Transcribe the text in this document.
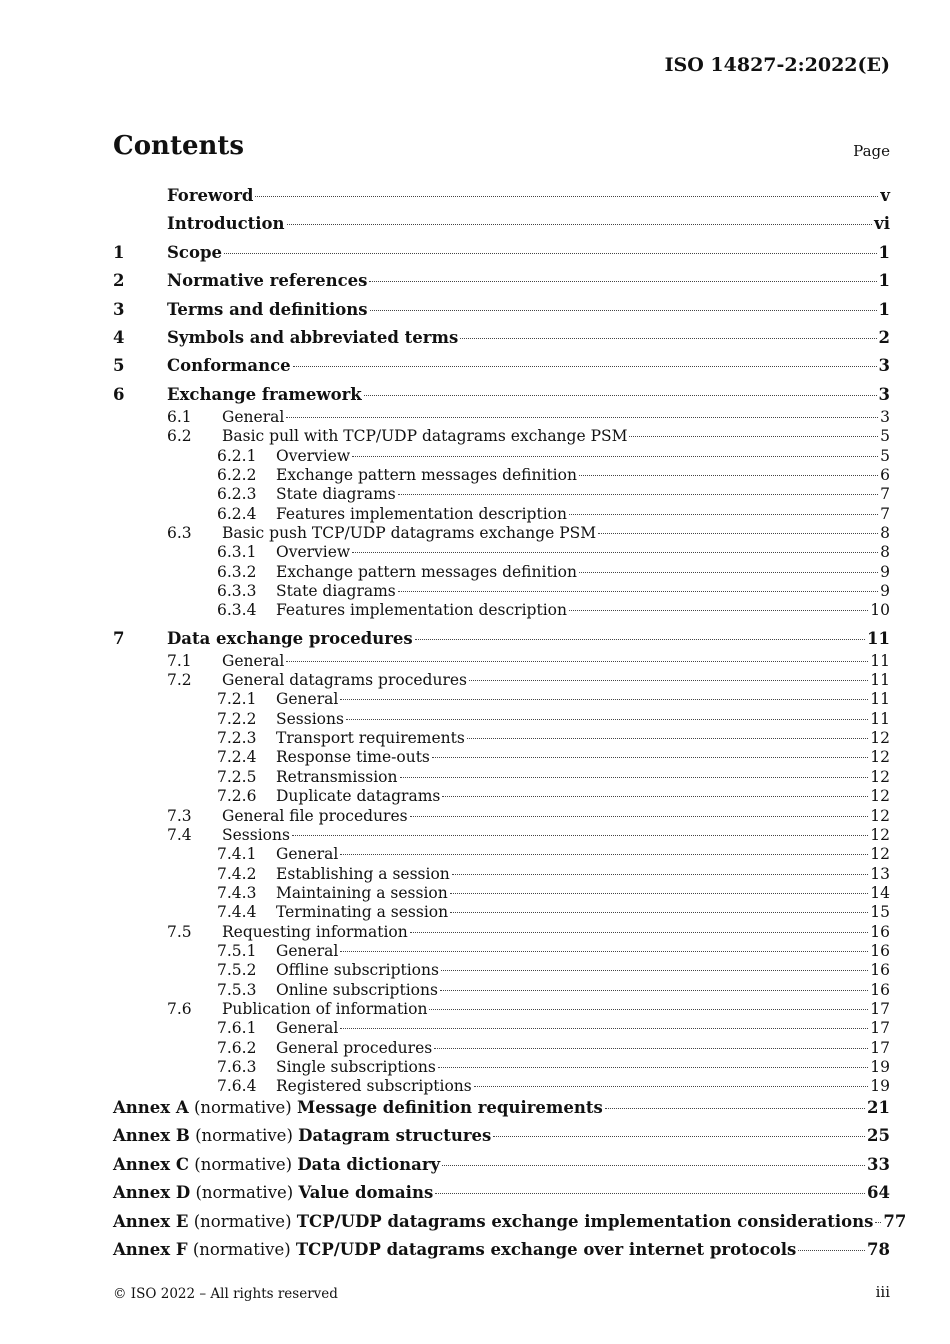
ISO 14827-2:2022(E)
Contents	Page
Foreword	v
Introduction	vi
1	Scope	1
2	Normative references	1
3	Terms and definitions	1
4	Symbols and abbreviated terms	2
5	Conformance	3
6	Exchange framework	3
6.1	General	3
6.2	Basic pull with TCP/UDP datagrams exchange PSM	5
6.2.1	Overview	5
6.2.2	Exchange pattern messages definition	6
6.2.3	State diagrams	7
6.2.4	Features implementation description	7
6.3	Basic push TCP/UDP datagrams exchange PSM	8
6.3.1	Overview	8
6.3.2	Exchange pattern messages definition	9
6.3.3	State diagrams	9
6.3.4	Features implementation description	10
7	Data exchange procedures	11
7.1	General	11
7.2	General datagrams procedures	11
7.2.1	General	11
7.2.2	Sessions	11
7.2.3	Transport requirements	12
7.2.4	Response time-outs	12
7.2.5	Retransmission	12
7.2.6	Duplicate datagrams	12
7.3	General file procedures	12
7.4	Sessions	12
7.4.1	General	12
7.4.2	Establishing a session	13
7.4.3	Maintaining a session	14
7.4.4	Terminating a session	15
7.5	Requesting information	16
7.5.1	General	16
7.5.2	Offline subscriptions	16
7.5.3	Online subscriptions	16
7.6	Publication of information	17
7.6.1	General	17
7.6.2	General procedures	17
7.6.3	Single subscriptions	19
7.6.4	Registered subscriptions	19
Annex A (normative) Message definition requirements	21
Annex B (normative) Datagram structures	25
Annex C (normative) Data dictionary	33
Annex D (normative) Value domains	64
Annex E (normative) TCP/UDP datagrams exchange implementation considerations 77
Annex F (normative) TCP/UDP datagrams exchange over internet protocols	78
© ISO 2022 – All rights reserved	iii
